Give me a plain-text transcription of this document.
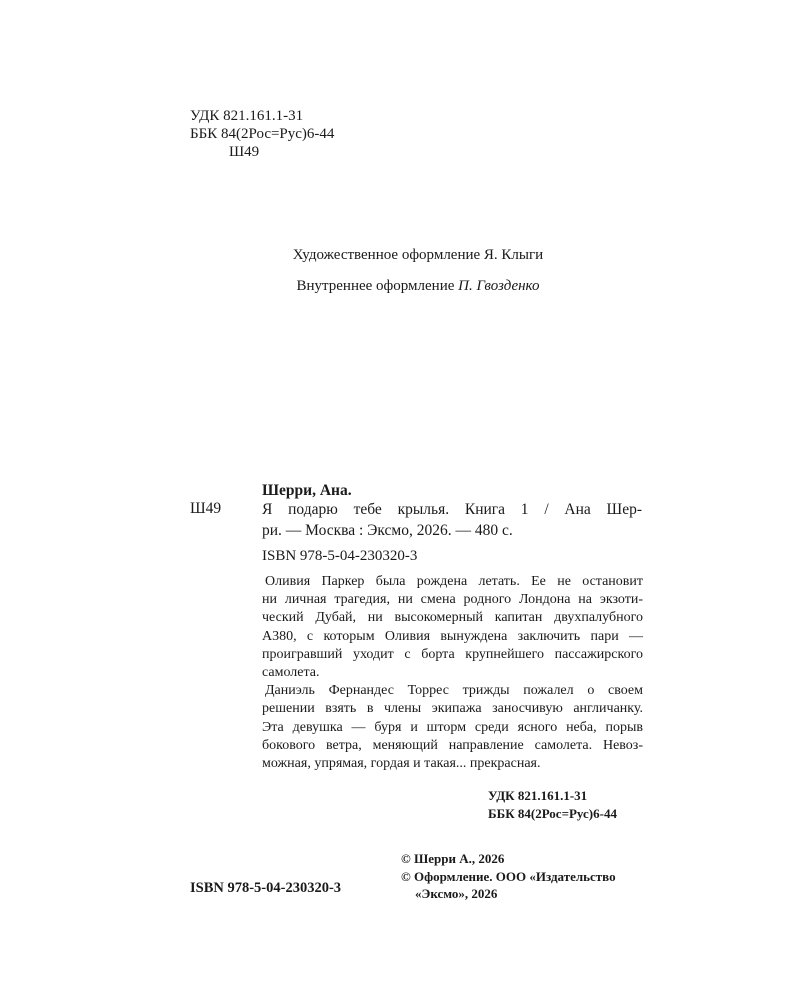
УДК 821.161.1-31
ББК 84(2Рос=Рус)6-44
Ш49
Художественное оформление Я. Клыги
Внутреннее оформление П. Гвозденко
Шерри, Ана.
Ш49	Я подарю тебе крылья. Книга 1 / Ана Шер-
ри. — Москва : Эксмо, 2026. — 480 с.
ISBN 978-5-04-230320-3
Оливия Паркер была рождена летать. Ее не остановит
ни личная трагедия, ни смена родного Лондона на экзоти-
ческий Дубай, ни высокомерный капитан двухпалубного
А380, с которым Оливия вынуждена заключить пари —
проигравший уходит с борта крупнейшего пассажирского
самолета.
Даниэль Фернандес Торрес трижды пожалел о своем
решении взять в члены экипажа заносчивую англичанку.
Эта девушка — буря и шторм среди ясного неба, порыв
бокового ветра, меняющий направление самолета. Невоз-
можная, упрямая, гордая и такая... прекрасная.
УДК 821.161.1-31
ББК 84(2Рос=Рус)6-44
© Шерри А., 2026
© Оформление. ООО «Издательство
«Эксмо», 2026
ISBN 978-5-04-230320-3
